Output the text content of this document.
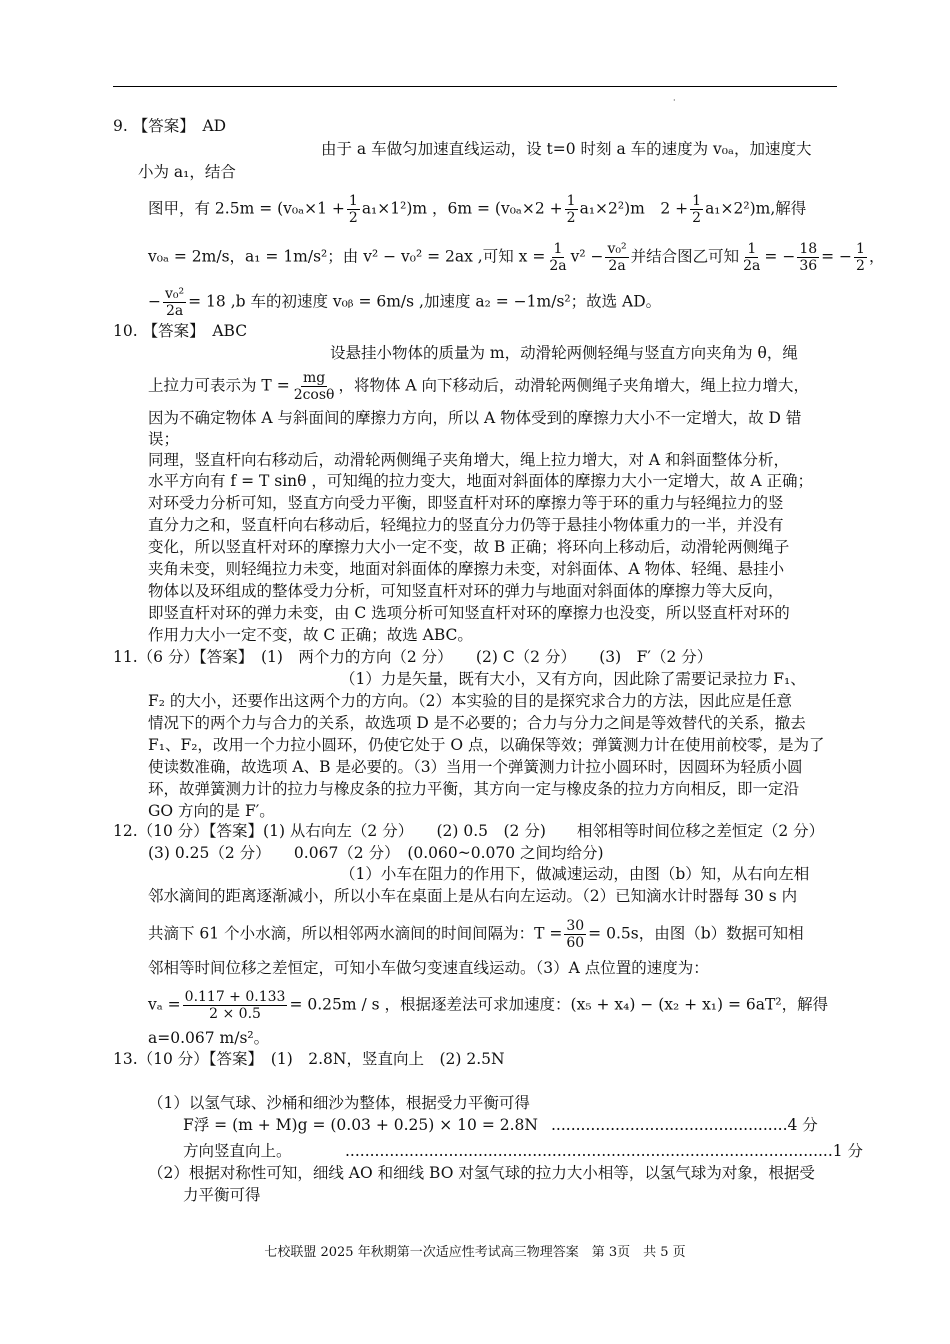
·
9. 【答案】　AD
由于 a 车做匀加速直线运动，设 t=0 时刻 a 车的速度为 v₀ₐ，加速度大
小为 a₁，结合
图甲，有 $2.5m = (v_{0a}\times 1 + \frac{1}{2} a_1\times 1^2)m$ ，$6m = (v_{0a}\times 2 + \frac{1}{2} a_1\times 2^2)m$　$2 + \frac{1}{2} a_1\times 2^2)m$,解得
v₀ₐ = 2m/s，a₁ = 1m/s²；由 v² − v₀² = 2ax ,可知 $x = \frac{1}{2a} v^2 - \frac{\text{v₀²}}{2a}$ 并结合图乙可知 $\frac{1}{2a}$ = − $\frac{18}{36}$ = − $\frac{1}{2}$ ，
− $\frac{\text{v₀²}}{2a} = 18$ ,b 车的初速度 v₀ᵦ = 6m/s ,加速度 a₂ = −1m/s²；故选 AD。
10. 【答案】　ABC
设悬挂小物体的质量为 m，动滑轮两侧轻绳与竖直方向夹角为 θ，绳
上拉力可表示为 $T = \frac{mg}{2\cos\theta}$ ，将物体 A 向下移动后，动滑轮两侧绳子夹角增大，绳上拉力增大，
因为不确定物体 A 与斜面间的摩擦力方向，所以 A 物体受到的摩擦力大小不一定增大，故 D 错
误；
同理，竖直杆向右移动后，动滑轮两侧绳子夹角增大，绳上拉力增大，对 A 和斜面整体分析，
水平方向有 f = T sinθ ，可知绳的拉力变大，地面对斜面体的摩擦力大小一定增大，故 A 正确；
对环受力分析可知，竖直方向受力平衡，即竖直杆对环的摩擦力等于环的重力与轻绳拉力的竖
直分力之和，竖直杆向右移动后，轻绳拉力的竖直分力仍等于悬挂小物体重力的一半，并没有
变化，所以竖直杆对环的摩擦力大小一定不变，故 B 正确；将环向上移动后，动滑轮两侧绳子
夹角未变，则轻绳拉力未变，地面对斜面体的摩擦力未变，对斜面体、A 物体、轻绳、悬挂小
物体以及环组成的整体受力分析，可知竖直杆对环的弹力与地面对斜面体的摩擦力等大反向，
即竖直杆对环的弹力未变，由 C 选项分析可知竖直杆对环的摩擦力也没变，所以竖直杆对环的
作用力大小一定不变，故 C 正确；故选 ABC。
11.（6 分）【答案】　(1)　两个力的方向（2 分）　　(2) C（2 分）　　(3)　F′（2 分）
（1）力是矢量，既有大小，又有方向，因此除了需要记录拉力 F₁、
F₂ 的大小，还要作出这两个力的方向。（2）本实验的目的是探究求合力的方法，因此应是任意
情况下的两个力与合力的关系，故选项 D 是不必要的；合力与分力之间是等效替代的关系，撤去
F₁、F₂，改用一个力拉小圆环，仍使它处于 O 点，以确保等效；弹簧测力计在使用前校零，是为了
使读数准确，故选项 A、B 是必要的。（3）当用一个弹簧测力计拉小圆环时，因圆环为轻质小圆
环，故弹簧测力计的拉力与橡皮条的拉力平衡，其方向一定与橡皮条的拉力方向相反，即一定沿
GO 方向的是 F′。
12.（10 分）【答案】(1) 从右向左（2 分）　　(2) 0.5　(2 分)　　相邻相等时间位移之差恒定（2 分）
(3) 0.25（2 分）　　0.067（2 分）　(0.060~0.070 之间均给分)
（1）小车在阻力的作用下，做减速运动，由图（b）知，从右向左相
邻水滴间的距离逐渐减小，所以小车在桌面上是从右向左运动。（2）已知滴水计时器每 30 s 内
共滴下 61 个小水滴，所以相邻两水滴间的时间间隔为：$T = \frac{30}{60} = 0.5s$，由图（b）数据可知相
邻相等时间位移之差恒定，可知小车做匀变速直线运动。（3）A 点位置的速度为：
$v_a = \frac{0.117 + 0.133}{2 \times 0.5} = 0.25m / s$ ，根据逐差法可求加速度：(x₅ + x₄) − (x₂ + x₁) = 6aT²，解得
a=0.067 m/s²。
13.（10 分）【答案】　(1)　2.8N，竖直向上　(2) 2.5N
（1）以氢气球、沙桶和细沙为整体，根据受力平衡可得
F浮 = (m + M)g = (0.03 + 0.25) × 10 = 2.8N ................................................4 分
方向竖直向上。	...................................................................................................1 分
（2）根据对称性可知，细线 AO 和细线 BO 对氢气球的拉力大小相等，以氢气球为对象，根据受
力平衡可得
七校联盟 2025 年秋期第一次适应性考试高三物理答案　第 3页　共 5 页
